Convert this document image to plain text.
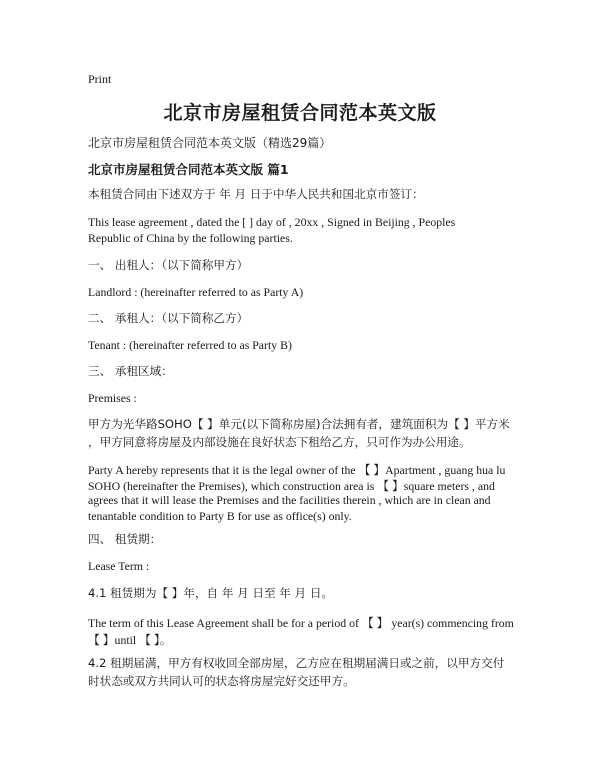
Print
北京市房屋租赁合同范本英文版
北京市房屋租赁合同范本英文版（精选29篇）
北京市房屋租赁合同范本英文版 篇1
本租赁合同由下述双方于 年 月 日于中华人民共和国北京市签订：
This lease agreement , dated the [ ] day of , 20xx , Signed in Beijing , Peoples
Republic of China by the following parties.
一、 出租人：（以下简称甲方）
Landlord : (hereinafter referred to as Party A)
二、 承租人：（以下简称乙方）
Tenant : (hereinafter referred to as Party B)
三、 承租区域：
Premises :
甲方为光华路SOHO【 】单元(以下简称房屋)合法拥有者，建筑面积为【 】平方米
，甲方同意将房屋及内部设施在良好状态下租给乙方，只可作为办公用途。
Party A hereby represents that it is the legal owner of the 【 】Apartment , guang hua lu
SOHO (hereinafter the Premises), which construction area is 【 】square meters , and
agrees that it will lease the Premises and the facilities therein , which are in clean and
tenantable condition to Party B for use as office(s) only.
四、 租赁期：
Lease Term :
4.1 租赁期为【 】年，自 年 月 日至 年 月 日。
The term of this Lease Agreement shall be for a period of 【 】 year(s) commencing from
【 】until 【 】。
4.2 租期届满，甲方有权收回全部房屋，乙方应在租期届满日或之前，以甲方交付
时状态或双方共同认可的状态将房屋完好交还甲方。
